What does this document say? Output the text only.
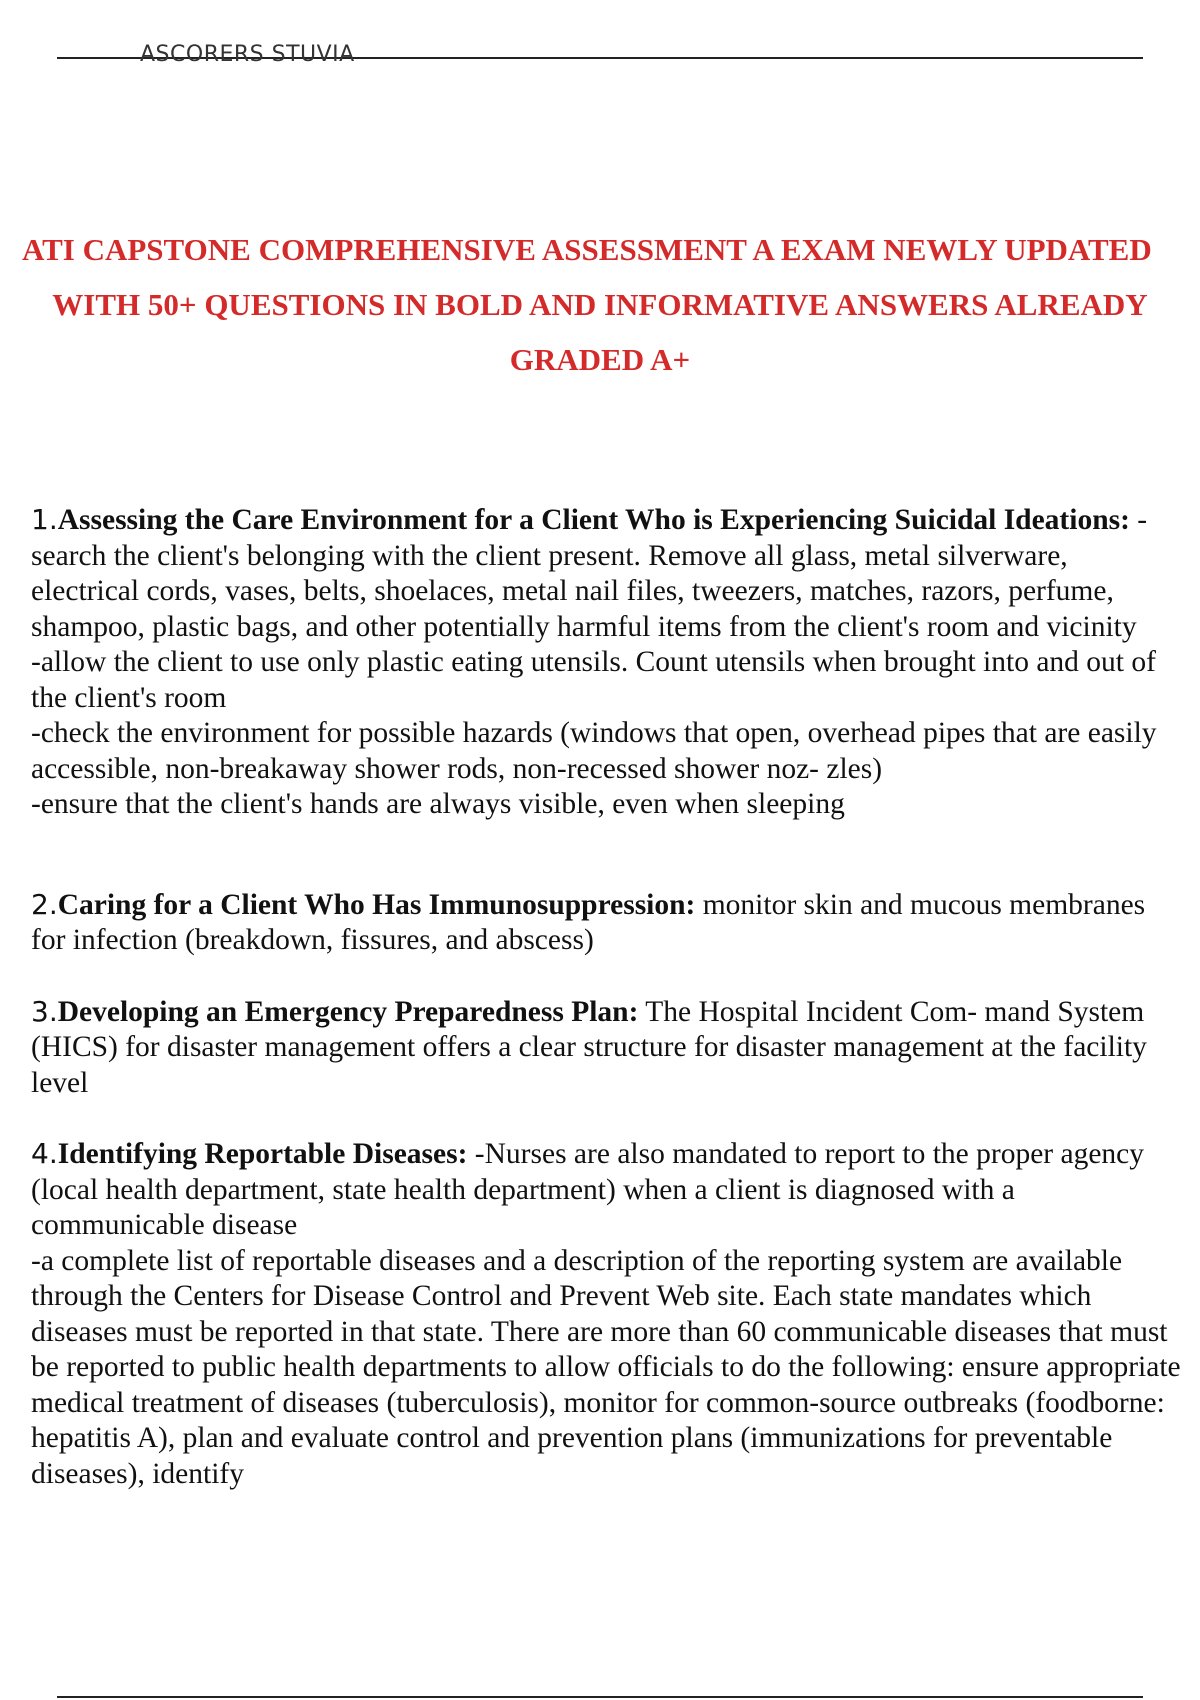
ASCORERS STUVIA
ATI CAPSTONE COMPREHENSIVE ASSESSMENT A EXAM NEWLY UPDATED
WITH 50+ QUESTIONS IN BOLD AND INFORMATIVE ANSWERS ALREADY
GRADED A+

1.Assessing the Care Environment for a Client Who is Experiencing Suicidal Ideations: -search the client's belonging with the client present. Remove all glass, metal silverware, electrical cords, vases, belts, shoelaces, metal nail files, tweezers, matches, razors, perfume, shampoo, plastic bags, and other potentially harmful items from the client's room and vicinity
-allow the client to use only plastic eating utensils. Count utensils when brought into and out of the client's room
-check the environment for possible hazards (windows that open, overhead pipes that are easily accessible, non-breakaway shower rods, non-recessed shower noz- zles)
-ensure that the client's hands are always visible, even when sleeping

2.Caring for a Client Who Has Immunosuppression: monitor skin and mucous membranes for infection (breakdown, fissures, and abscess)

3.Developing an Emergency Preparedness Plan: The Hospital Incident Com- mand System (HICS) for disaster management offers a clear structure for disaster management at the facility level

4.Identifying Reportable Diseases: -Nurses are also mandated to report to the proper agency (local health department, state health department) when a client is diagnosed with a communicable disease
-a complete list of reportable diseases and a description of the reporting system are available through the Centers for Disease Control and Prevent Web site. Each state mandates which diseases must be reported in that state. There are more than 60 communicable diseases that must be reported to public health departments to allow officials to do the following: ensure appropriate medical treatment of diseases (tuberculosis), monitor for common-source outbreaks (foodborne: hepatitis A), plan and evaluate control and prevention plans (immunizations for preventable diseases), identify
